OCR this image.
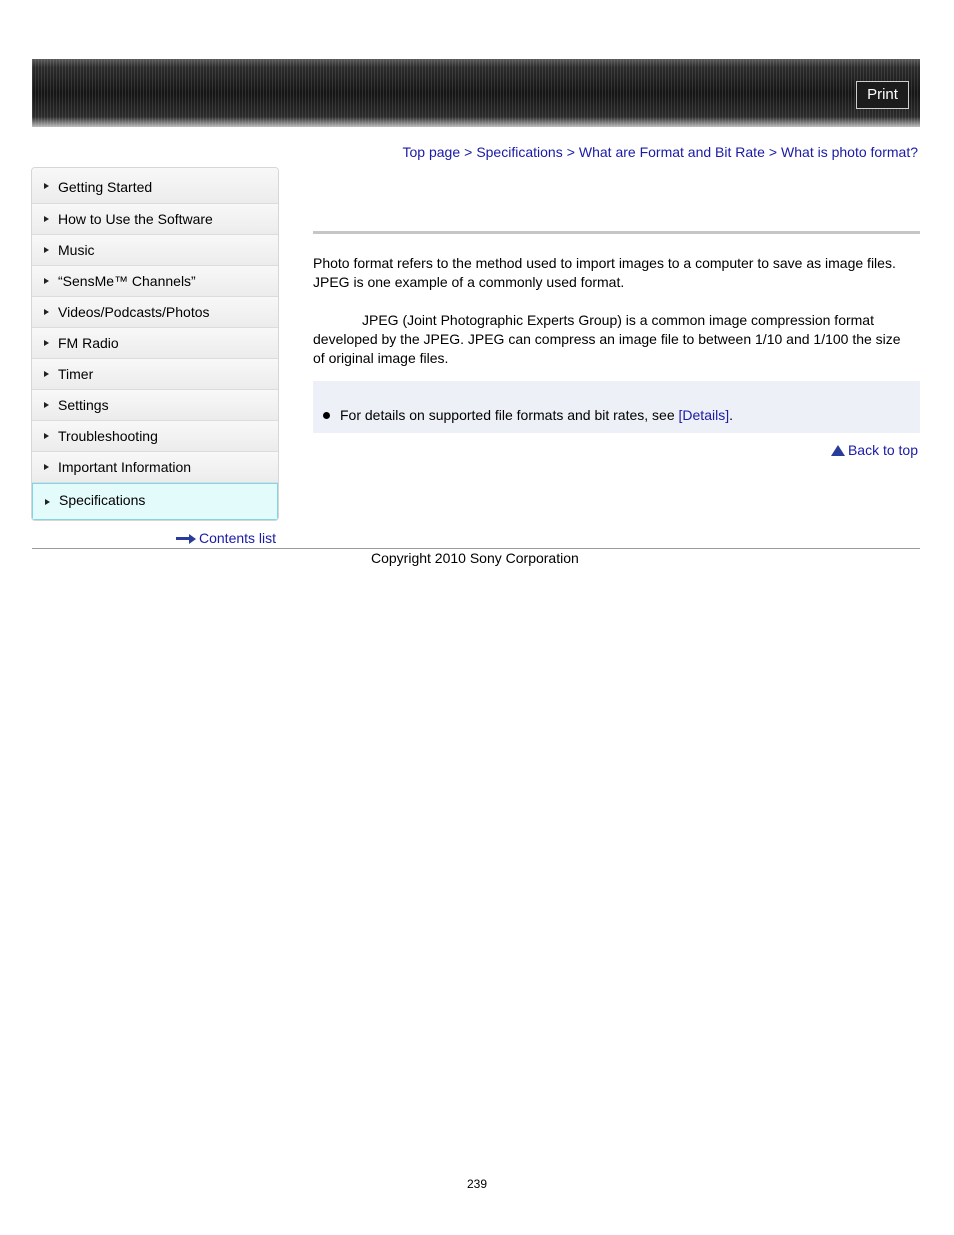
Print
Top page > Specifications > What are Format and Bit Rate > What is photo format?
Getting Started
How to Use the Software
Music
“SensMe™ Channels”
Videos/Podcasts/Photos
FM Radio
Timer
Settings
Troubleshooting
Important Information
Specifications
Contents list

Photo format refers to the method used to import images to a computer to save as image files. JPEG is one example of a commonly used format.

JPEG (Joint Photographic Experts Group) is a common image compression format developed by the JPEG. JPEG can compress an image file to between 1/10 and 1/100 the size of original image files.

For details on supported file formats and bit rates, see [Details].
Back to top
Copyright 2010 Sony Corporation
239
